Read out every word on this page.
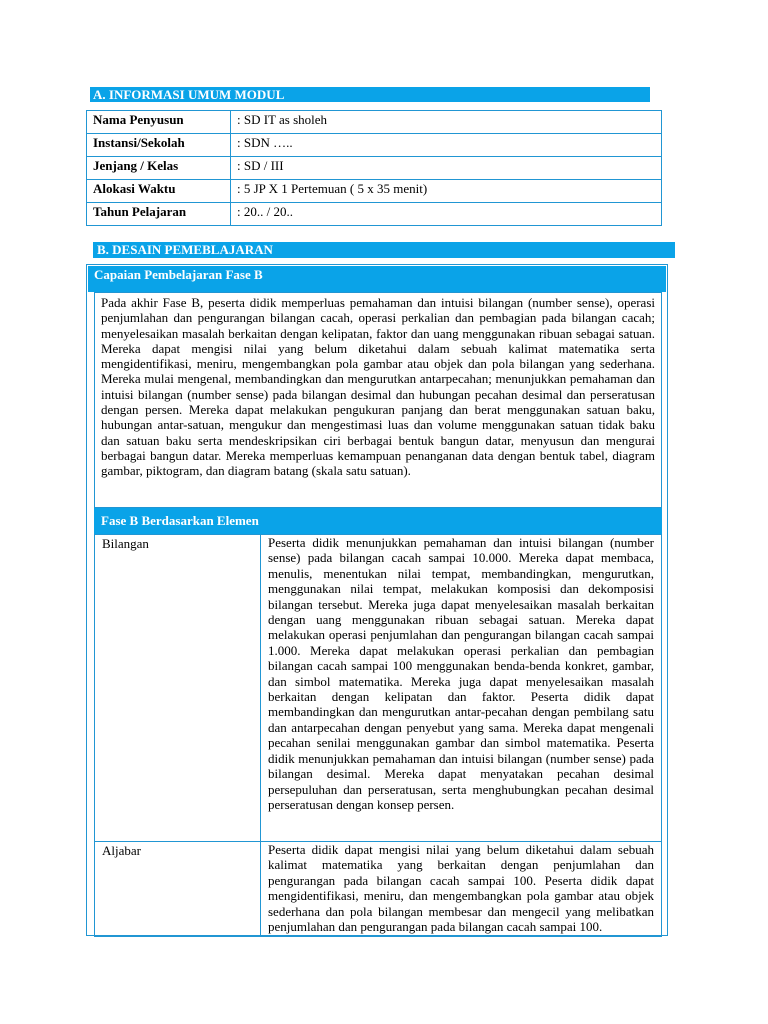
A. INFORMASI UMUM MODUL
Nama Penyusun	: SD IT as sholeh
Instansi/Sekolah	: SDN …..
Jenjang / Kelas	: SD / III
Alokasi Waktu	: 5 JP X 1 Pertemuan ( 5 x 35 menit)
Tahun Pelajaran	: 20.. / 20..
B. DESAIN PEMEBLAJARAN
Capaian Pembelajaran Fase B
Pada akhir Fase B, peserta didik memperluas pemahaman dan intuisi bilangan (number sense), operasi penjumlahan dan pengurangan bilangan cacah, operasi perkalian dan pembagian pada bilangan cacah; menyelesaikan masalah berkaitan dengan kelipatan, faktor dan uang menggunakan ribuan sebagai satuan. Mereka dapat mengisi nilai yang belum diketahui dalam sebuah kalimat matematika serta mengidentifikasi, meniru, mengembangkan pola gambar atau objek dan pola bilangan yang sederhana. Mereka mulai mengenal, membandingkan dan mengurutkan antarpecahan; menunjukkan pemahaman dan intuisi bilangan (number sense) pada bilangan desimal dan hubungan pecahan desimal dan perseratusan dengan persen. Mereka dapat melakukan pengukuran panjang dan berat menggunakan satuan baku, hubungan antar-satuan, mengukur dan mengestimasi luas dan volume menggunakan satuan tidak baku dan satuan baku serta mendeskripsikan ciri berbagai bentuk bangun datar, menyusun dan mengurai berbagai bangun datar. Mereka memperluas kemampuan penanganan data dengan bentuk tabel, diagram gambar, piktogram, dan diagram batang (skala satu satuan).
Fase B Berdasarkan Elemen
Bilangan	Peserta didik menunjukkan pemahaman dan intuisi bilangan (number sense) pada bilangan cacah sampai 10.000. Mereka dapat membaca, menulis, menentukan nilai tempat, membandingkan, mengurutkan, menggunakan nilai tempat, melakukan komposisi dan dekomposisi bilangan tersebut. Mereka juga dapat menyelesaikan masalah berkaitan dengan uang menggunakan ribuan sebagai satuan. Mereka dapat melakukan operasi penjumlahan dan pengurangan bilangan cacah sampai 1.000. Mereka dapat melakukan operasi perkalian dan pembagian bilangan cacah sampai 100 menggunakan benda-benda konkret, gambar, dan simbol matematika. Mereka juga dapat menyelesaikan masalah berkaitan dengan kelipatan dan faktor. Peserta didik dapat membandingkan dan mengurutkan antar-pecahan dengan pembilang satu dan antarpecahan dengan penyebut yang sama. Mereka dapat mengenali pecahan senilai menggunakan gambar dan simbol matematika. Peserta didik menunjukkan pemahaman dan intuisi bilangan (number sense) pada bilangan desimal. Mereka dapat menyatakan pecahan desimal persepuluhan dan perseratusan, serta menghubungkan pecahan desimal perseratusan dengan konsep persen.
Aljabar	Peserta didik dapat mengisi nilai yang belum diketahui dalam sebuah kalimat matematika yang berkaitan dengan penjumlahan dan pengurangan pada bilangan cacah sampai 100. Peserta didik dapat mengidentifikasi, meniru, dan mengembangkan pola gambar atau objek sederhana dan pola bilangan membesar dan mengecil yang melibatkan penjumlahan dan pengurangan pada bilangan cacah sampai 100.
